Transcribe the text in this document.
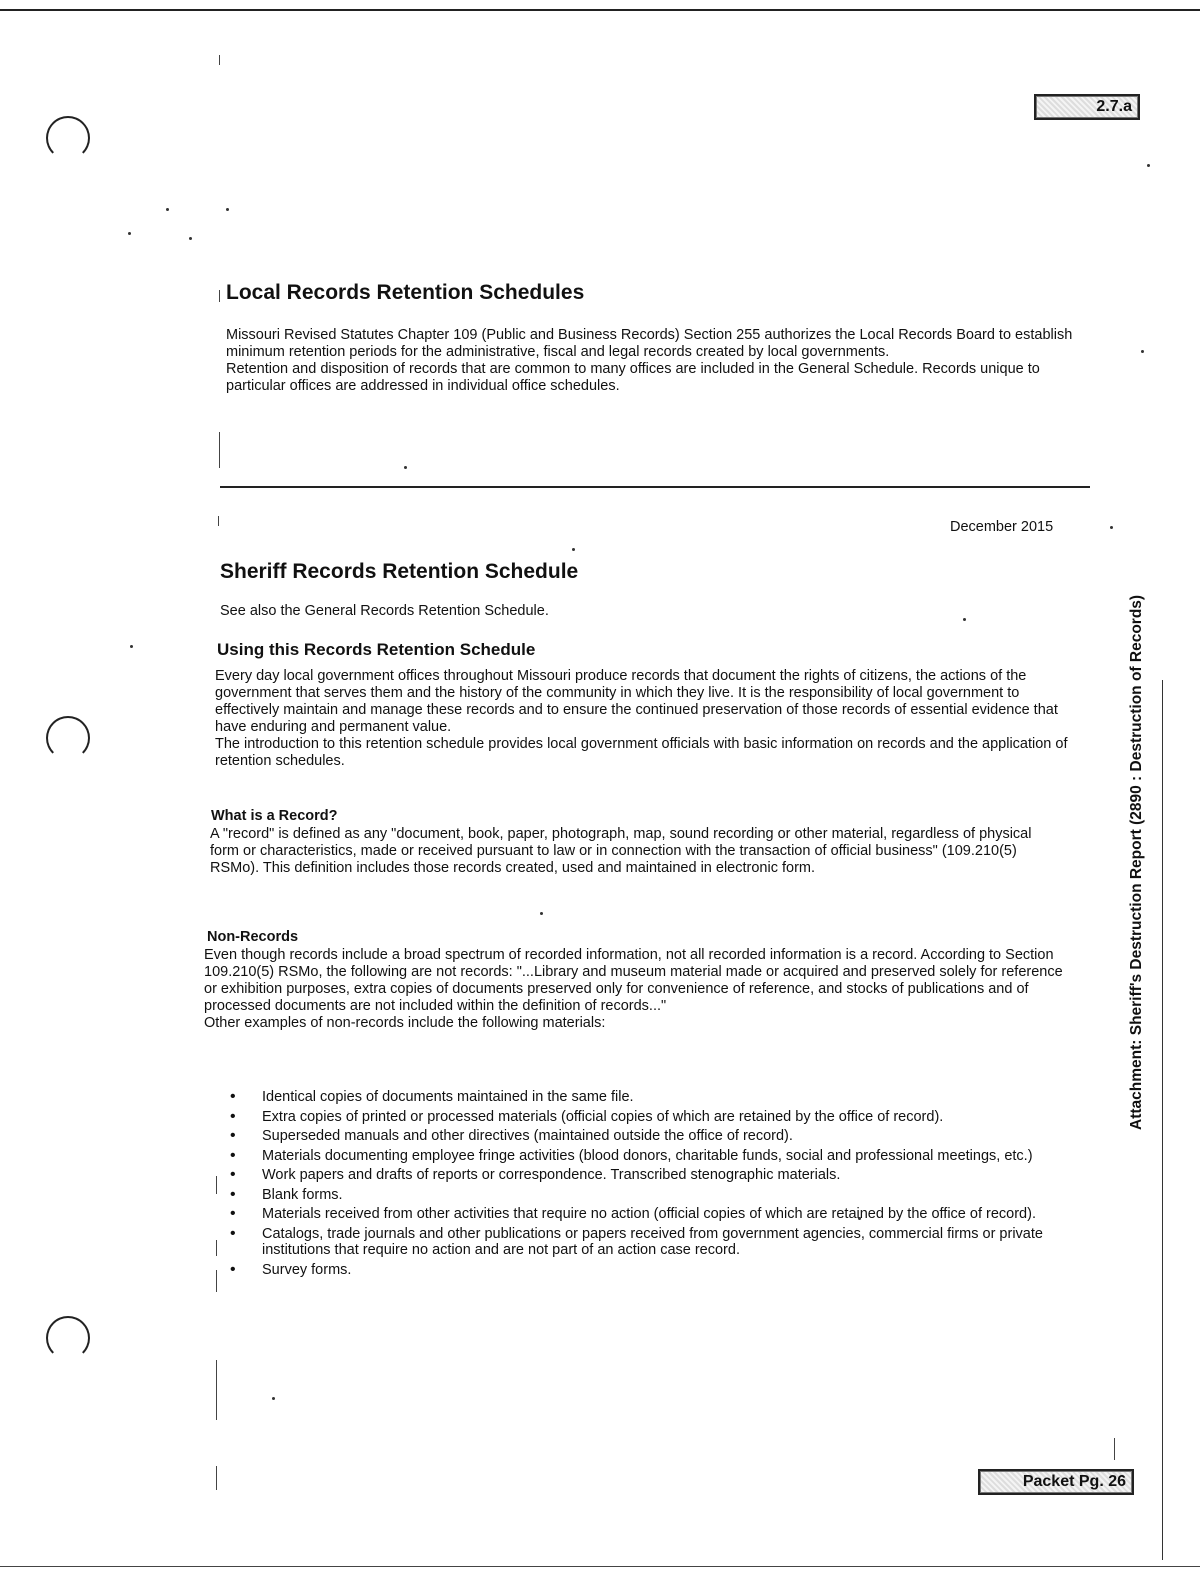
2.7.a
Packet Pg. 26
Attachment: Sheriff's Destruction Report (2890 : Destruction of Records)
Local Records Retention Schedules

Missouri Revised Statutes Chapter 109 (Public and Business Records) Section 255 authorizes the Local Records Board to establish minimum retention periods for the administrative, fiscal and legal records created by local governments.

Retention and disposition of records that are common to many offices are included in the General Schedule. Records unique to particular offices are addressed in individual office schedules.

December 2015
Sheriff Records Retention Schedule

See also the General Records Retention Schedule.

Using this Records Retention Schedule

Every day local government offices throughout Missouri produce records that document the rights of citizens, the actions of the government that serves them and the history of the community in which they live. It is the responsibility of local government to effectively maintain and manage these records and to ensure the continued preservation of those records of essential evidence that have enduring and permanent value.

The introduction to this retention schedule provides local government officials with basic information on records and the application of retention schedules.

What is a Record?

A "record" is defined as any "document, book, paper, photograph, map, sound recording or other material, regardless of physical form or characteristics, made or received pursuant to law or in connection with the transaction of official business" (109.210(5) RSMo). This definition includes those records created, used and maintained in electronic form.

Non-Records

Even though records include a broad spectrum of recorded information, not all recorded information is a record. According to Section 109.210(5) RSMo, the following are not records: "...Library and museum material made or acquired and preserved solely for reference or exhibition purposes, extra copies of documents preserved only for convenience of reference, and stocks of publications and of processed documents are not included within the definition of records..."

Other examples of non-records include the following materials:

• Identical copies of documents maintained in the same file.
• Extra copies of printed or processed materials (official copies of which are retained by the office of record).
• Superseded manuals and other directives (maintained outside the office of record).
• Materials documenting employee fringe activities (blood donors, charitable funds, social and professional meetings, etc.)
• Work papers and drafts of reports or correspondence. Transcribed stenographic materials.
• Blank forms.
• Materials received from other activities that require no action (official copies of which are retained by the office of record).
• Catalogs, trade journals and other publications or papers received from government agencies, commercial firms or private institutions that require no action and are not part of an action case record.
• Survey forms.
